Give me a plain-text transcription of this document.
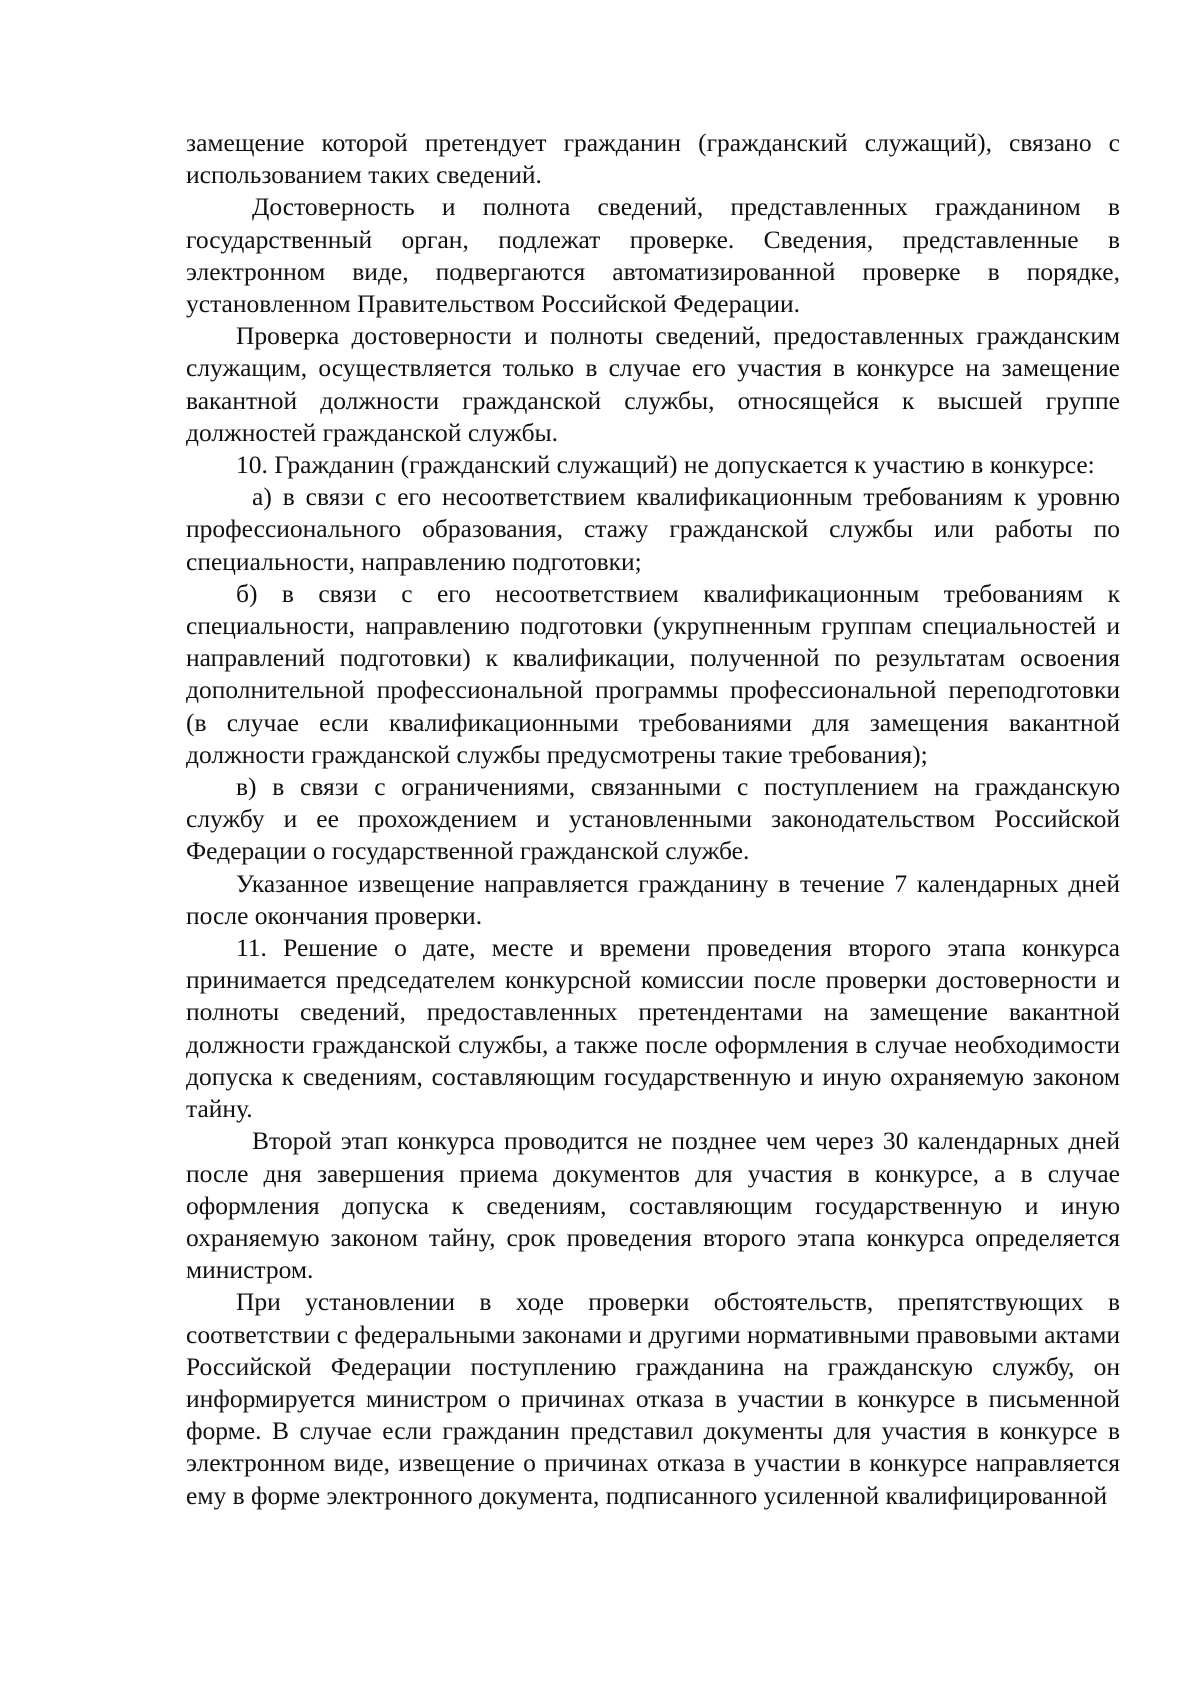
замещение которой претендует гражданин (гражданский служащий), связано с использованием таких сведений.

Достоверность и полнота сведений, представленных гражданином в государственный орган, подлежат проверке. Сведения, представленные в электронном виде, подвергаются автоматизированной проверке в порядке, установленном Правительством Российской Федерации.

Проверка достоверности и полноты сведений, предоставленных гражданским служащим, осуществляется только в случае его участия в конкурсе на замещение вакантной должности гражданской службы, относящейся к высшей группе должностей гражданской службы.

10. Гражданин (гражданский служащий) не допускается к участию в конкурсе:

а) в связи с его несоответствием квалификационным требованиям к уровню профессионального образования, стажу гражданской службы или работы по специальности, направлению подготовки;

б) в связи с его несоответствием квалификационным требованиям к специальности, направлению подготовки (укрупненным группам специальностей и направлений подготовки) к квалификации, полученной по результатам освоения дополнительной профессиональной программы профессиональной переподготовки (в случае если квалификационными требованиями для замещения вакантной должности гражданской службы предусмотрены такие требования);

в) в связи с ограничениями, связанными с поступлением на гражданскую службу и ее прохождением и установленными законодательством Российской Федерации о государственной гражданской службе.

Указанное извещение направляется гражданину в течение 7 календарных дней после окончания проверки.

11. Решение о дате, месте и времени проведения второго этапа конкурса принимается председателем конкурсной комиссии после проверки достоверности и полноты сведений, предоставленных претендентами на замещение вакантной должности гражданской службы, а также после оформления в случае необходимости допуска к сведениям, составляющим государственную и иную охраняемую законом тайну.

Второй этап конкурса проводится не позднее чем через 30 календарных дней после дня завершения приема документов для участия в конкурсе, а в случае оформления допуска к сведениям, составляющим государственную и иную охраняемую законом тайну, срок проведения второго этапа конкурса определяется министром.

При установлении в ходе проверки обстоятельств, препятствующих в соответствии с федеральными законами и другими нормативными правовыми актами Российской Федерации поступлению гражданина на гражданскую службу, он информируется министром о причинах отказа в участии в конкурсе в письменной форме. В случае если гражданин представил документы для участия в конкурсе в электронном виде, извещение о причинах отказа в участии в конкурсе направляется ему в форме электронного документа, подписанного усиленной квалифицированной
